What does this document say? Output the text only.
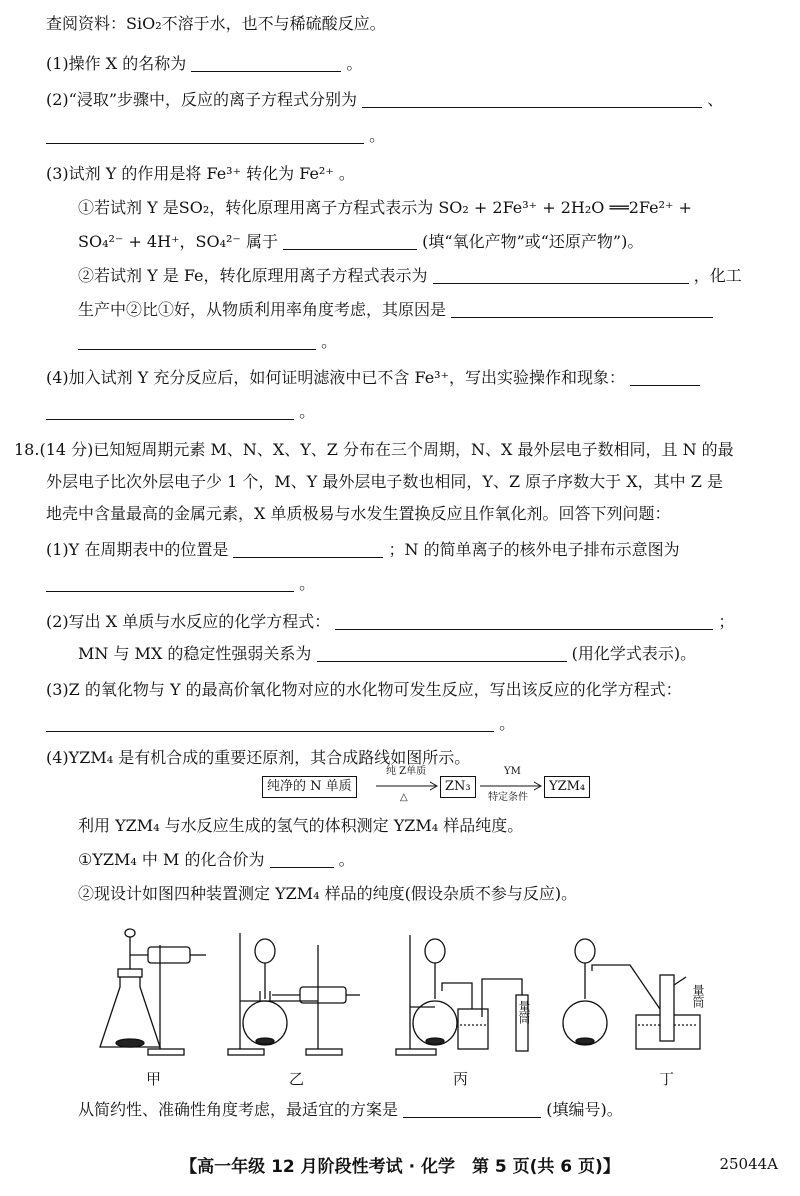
查阅资料：SiO₂不溶于水，也不与稀硫酸反应。
(1)操作 X 的名称为	。
(2)“浸取”步骤中，反应的离子方程式分别为	、
。
(3)试剂 Y 的作用是将 Fe³⁺ 转化为 Fe²⁺ 。
①若试剂 Y 是SO₂，转化原理用离子方程式表示为 SO₂ + 2Fe³⁺ + 2H₂O ══2Fe²⁺ +
SO₄²⁻ + 4H⁺，SO₄²⁻ 属于	(填“氧化产物”或“还原产物”)。
②若试剂 Y 是 Fe，转化原理用离子方程式表示为	，化工
生产中②比①好，从物质利用率角度考虑，其原因是
。
(4)加入试剂 Y 充分反应后，如何证明滤液中已不含 Fe³⁺，写出实验操作和现象：
。
18.(14 分)已知短周期元素 M、N、X、Y、Z 分布在三个周期，N、X 最外层电子数相同，且 N 的最
外层电子比次外层电子少 1 个，M、Y 最外层电子数也相同，Y、Z 原子序数大于 X，其中 Z 是
地壳中含量最高的金属元素，X 单质极易与水发生置换反应且作氧化剂。回答下列问题：
(1)Y 在周期表中的位置是	；N 的简单离子的核外电子排布示意图为
。
(2)写出 X 单质与水反应的化学方程式：	；
MN 与 MX 的稳定性强弱关系为	(用化学式表示)。
(3)Z 的氧化物与 Y 的最高价氧化物对应的水化物可发生反应，写出该反应的化学方程式：
。
(4)YZM₄ 是有机合成的重要还原剂，其合成路线如图所示。
纯净的 N 单质
纯 Z单质
△
ZN₃
YM
特定条件
YZM₄
利用 YZM₄ 与水反应生成的氢气的体积测定 YZM₄ 样品纯度。
①YZM₄ 中 M 的化合价为	。
②现设计如图四种装置测定 YZM₄ 样品的纯度(假设杂质不参与反应)。
量筒
量筒
甲	乙	丙	丁
从简约性、准确性角度考虑，最适宜的方案是	(填编号)。
【高一年级 12 月阶段性考试 · 化学　第 5 页(共 6 页)】	25044A
